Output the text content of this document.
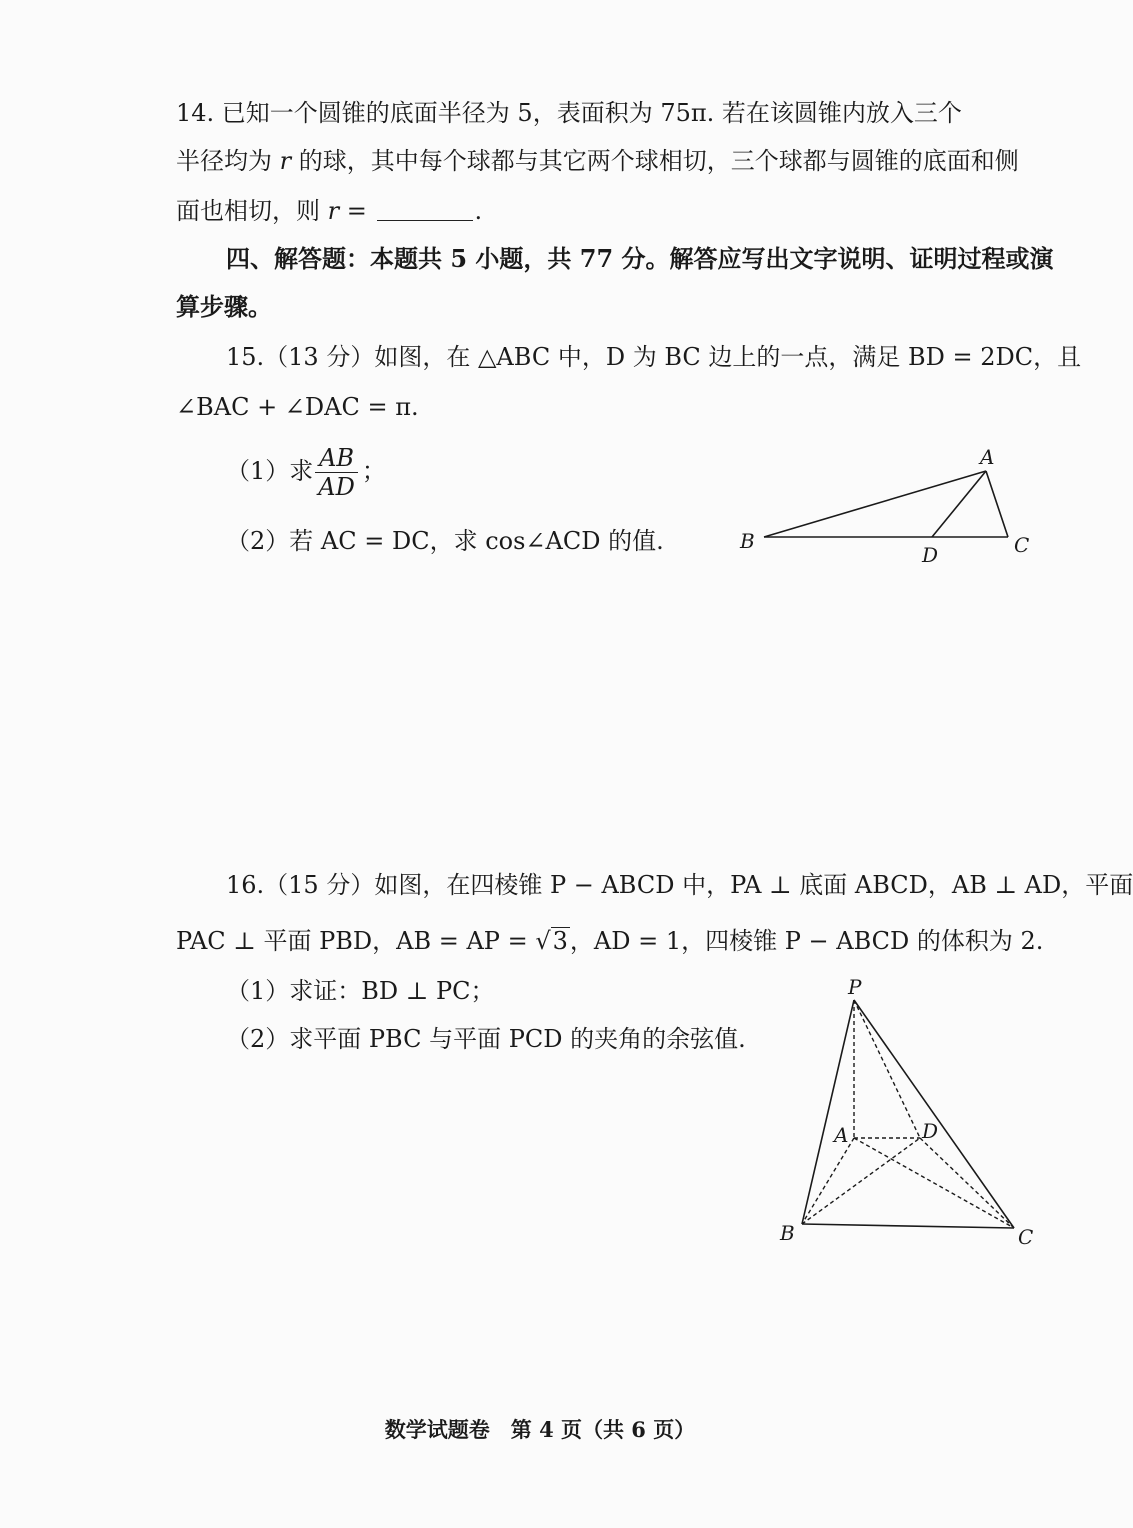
14. 已知一个圆锥的底面半径为 5，表面积为 75π. 若在该圆锥内放入三个
半径均为 r 的球，其中每个球都与其它两个球相切，三个球都与圆锥的底面和侧
面也相切，则 r =	.
四、解答题：本题共 5 小题，共 77 分。解答应写出文字说明、证明过程或演
算步骤。
15.（13 分）如图，在 △ABC 中，D 为 BC 边上的一点，满足 BD = 2DC，且
∠BAC + ∠DAC = π.
（1）求 $\frac{AB}{AD}$ ；
（2）若 AC = DC，求 cos∠ACD 的值.
A
B
D	C
16.（15 分）如图，在四棱锥 P − ABCD 中，PA ⊥ 底面 ABCD，AB ⊥ AD，平面
PAC ⊥ 平面 PBD，AB = AP = √3，AD = 1，四棱锥 P − ABCD 的体积为 2.
（1）求证：BD ⊥ PC；
（2）求平面 PBC 与平面 PCD 的夹角的余弦值.
P
A	D
B	C
数学试题卷　第 4 页（共 6 页）
